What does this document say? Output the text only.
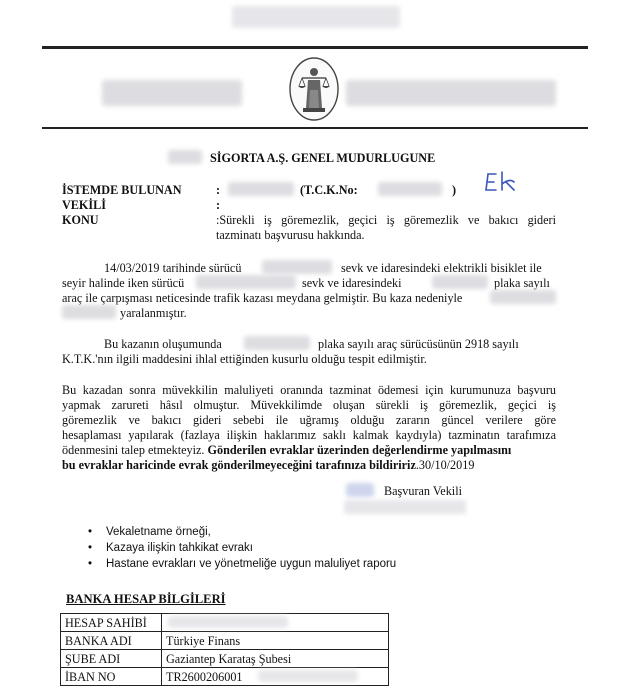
SİGORTA A.Ş. GENEL MUDURLUGUNE
İSTEMDE BULUNAN	:	(T.C.K.No:	)
VEKİLİ	:
KONU	:Sürekli iş göremezlik, geçici iş göremezlik ve bakıcı gideri
tazminatı başvurusu hakkında.
14/03/2019 tarihinde sürücü	sevk ve idaresindeki elektrikli bisiklet ile
seyir halinde iken sürücü	sevk ve idaresindeki	plaka sayılı
araç ile çarpışması neticesinde trafik kazası meydana gelmiştir. Bu kaza nedeniyle
yaralanmıştır.
Bu kazanın oluşumunda	plaka sayılı araç sürücüsünün 2918 sayılı
K.T.K.'nın ilgili maddesini ihlal ettiğinden kusurlu olduğu tespit edilmiştir.
Bu kazadan sonra müvekkilin maluliyeti oranında tazminat ödemesi için kurumunuza başvuru
yapmak zarureti hâsıl olmuştur. Müvekkilimde oluşan sürekli iş göremezlik, geçici iş
göremezlik ve bakıcı gideri sebebi ile uğramış olduğu zararın güncel verilere göre
hesaplaması yapılarak (fazlaya ilişkin haklarımız saklı kalmak kaydıyla) tazminatın tarafımıza
ödenmesini talep etmekteyiz. Gönderilen evraklar üzerinden değerlendirme yapılmasını
bu evraklar haricinde evrak gönderilmeyeceğini tarafınıza bildiririz.30/10/2019
Başvuran Vekili
• Vekaletname örneği,
• Kazaya ilişkin tahkikat evrakı
• Hastane evrakları ve yönetmeliğe uygun maluliyet raporu
BANKA HESAP BİLGİLERİ
HESAP SAHİBİ	

BANKA ADI	Türkiye Finans
ŞUBE ADI	Gaziantep Karataş Şubesi
İBAN NO	TR2600206001
